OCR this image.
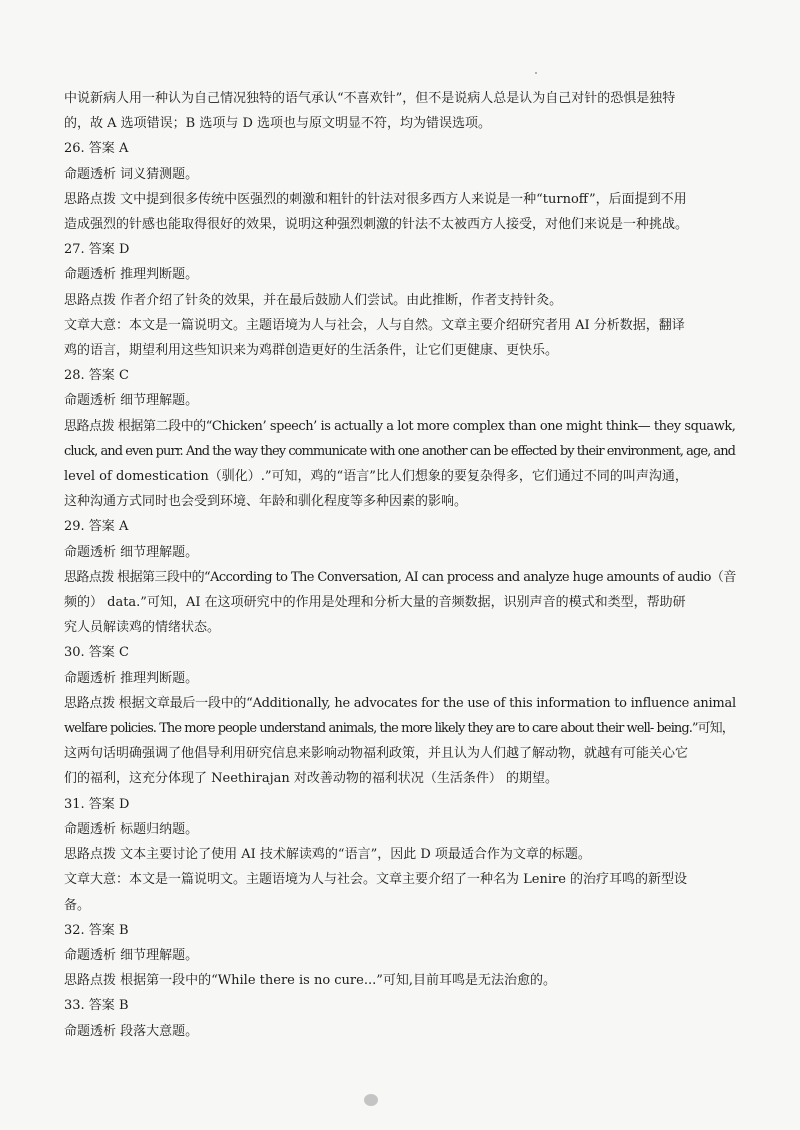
中说新病人用一种认为自己情况独特的语气承认“不喜欢针”，但不是说病人总是认为自己对针的恐惧是独特
的，故 A 选项错误；B 选项与 D 选项也与原文明显不符，均为错误选项。
26. 答案 A
命题透析 词义猜测题。
思路点拨 文中提到很多传统中医强烈的刺激和粗针的针法对很多西方人来说是一种“turnoff”，后面提到不用
造成强烈的针感也能取得很好的效果，说明这种强烈刺激的针法不太被西方人接受，对他们来说是一种挑战。
27. 答案 D
命题透析 推理判断题。
思路点拨 作者介绍了针灸的效果，并在最后鼓励人们尝试。由此推断，作者支持针灸。
文章大意：本文是一篇说明文。主题语境为人与社会，人与自然。文章主要介绍研究者用 AI 分析数据，翻译
鸡的语言，期望利用这些知识来为鸡群创造更好的生活条件，让它们更健康、更快乐。
28. 答案 C
命题透析 细节理解题。
思路点拨 根据第二段中的“Chicken’ speech’ is actually a lot more complex than one might think— they squawk,
cluck, and even purr. And the way they communicate with one another can be effected by their environment, age, and
level of domestication（驯化）.”可知，鸡的“语言”比人们想象的要复杂得多，它们通过不同的叫声沟通，
这种沟通方式同时也会受到环境、年龄和驯化程度等多种因素的影响。
29. 答案 A
命题透析 细节理解题。
思路点拨 根据第三段中的“According to The Conversation, AI can process and analyze huge amounts of audio（音
频的） data.”可知，AI 在这项研究中的作用是处理和分析大量的音频数据，识别声音的模式和类型，帮助研
究人员解读鸡的情绪状态。
30. 答案 C
命题透析 推理判断题。
思路点拨 根据文章最后一段中的“Additionally, he advocates for the use of this information to influence animal
welfare policies. The more people understand animals, the more likely they are to care about their well- being.”可知，
这两句话明确强调了他倡导利用研究信息来影响动物福利政策，并且认为人们越了解动物，就越有可能关心它
们的福利，这充分体现了 Neethirajan 对改善动物的福利状况（生活条件） 的期望。
31. 答案 D
命题透析 标题归纳题。
思路点拨 文本主要讨论了使用 AI 技术解读鸡的“语言”，因此 D 项最适合作为文章的标题。
文章大意：本文是一篇说明文。主题语境为人与社会。文章主要介绍了一种名为 Lenire 的治疗耳鸣的新型设
备。
32. 答案 B
命题透析 细节理解题。
思路点拨 根据第一段中的“While there is no cure...”可知,目前耳鸣是无法治愈的。
33. 答案 B
命题透析 段落大意题。
